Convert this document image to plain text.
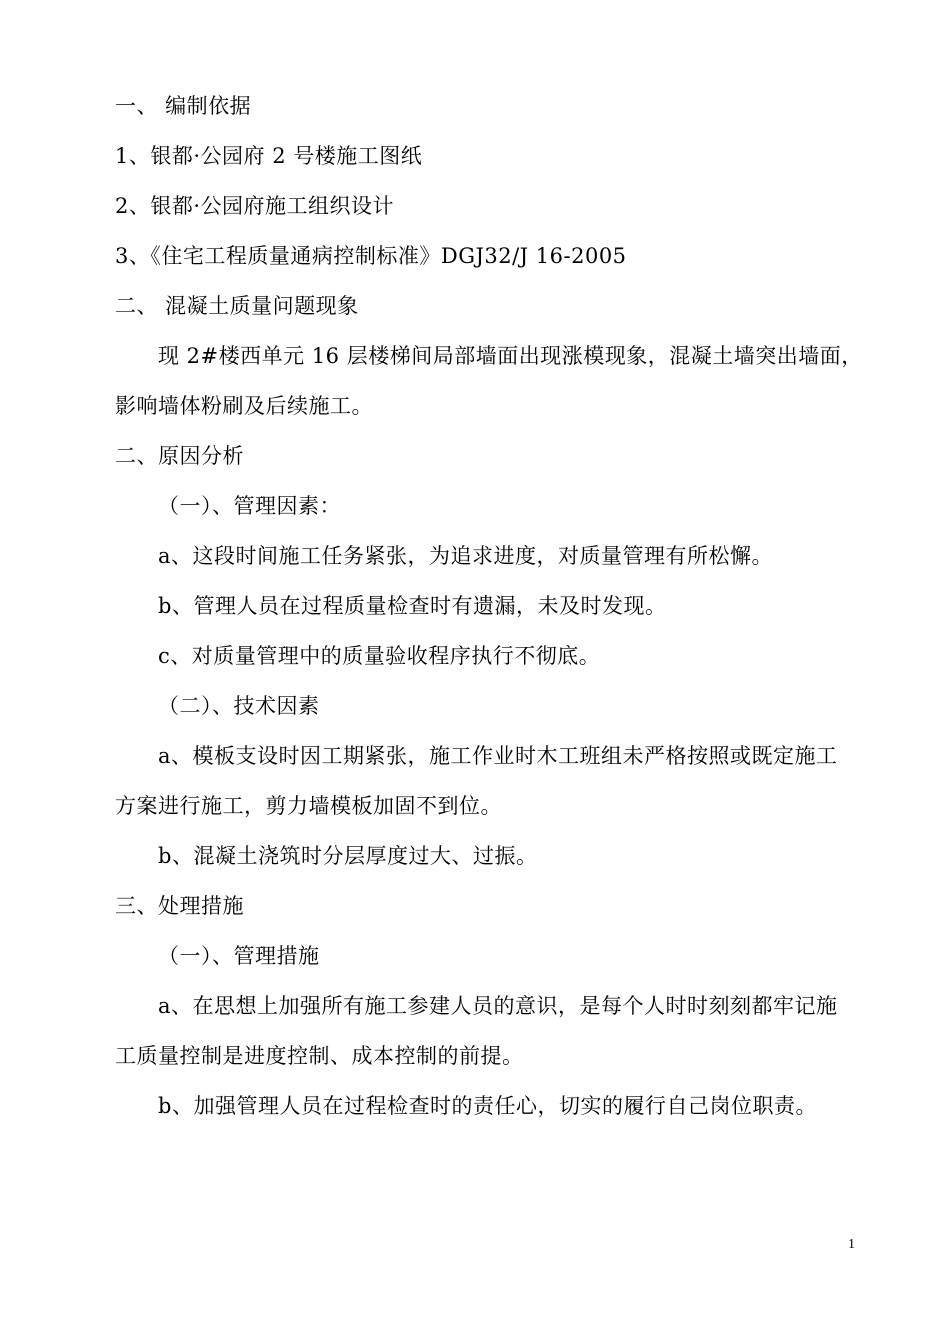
一、 编制依据
1、银都·公园府 2 号楼施工图纸
2、银都·公园府施工组织设计
3、《住宅工程质量通病控制标准》DGJ32/J 16-2005
二、 混凝土质量问题现象
现 2#楼西单元 16 层楼梯间局部墙面出现涨模现象，混凝土墙突出墙面，
影响墙体粉刷及后续施工。
二、原因分析
（一）、管理因素：
a、这段时间施工任务紧张，为追求进度，对质量管理有所松懈。
b、管理人员在过程质量检查时有遗漏，未及时发现。
c、对质量管理中的质量验收程序执行不彻底。
（二）、技术因素
a、模板支设时因工期紧张，施工作业时木工班组未严格按照或既定施工
方案进行施工，剪力墙模板加固不到位。
b、混凝土浇筑时分层厚度过大、过振。
三、处理措施
（一）、管理措施
a、在思想上加强所有施工参建人员的意识，是每个人时时刻刻都牢记施
工质量控制是进度控制、成本控制的前提。
b、加强管理人员在过程检查时的责任心，切实的履行自己岗位职责。
1
